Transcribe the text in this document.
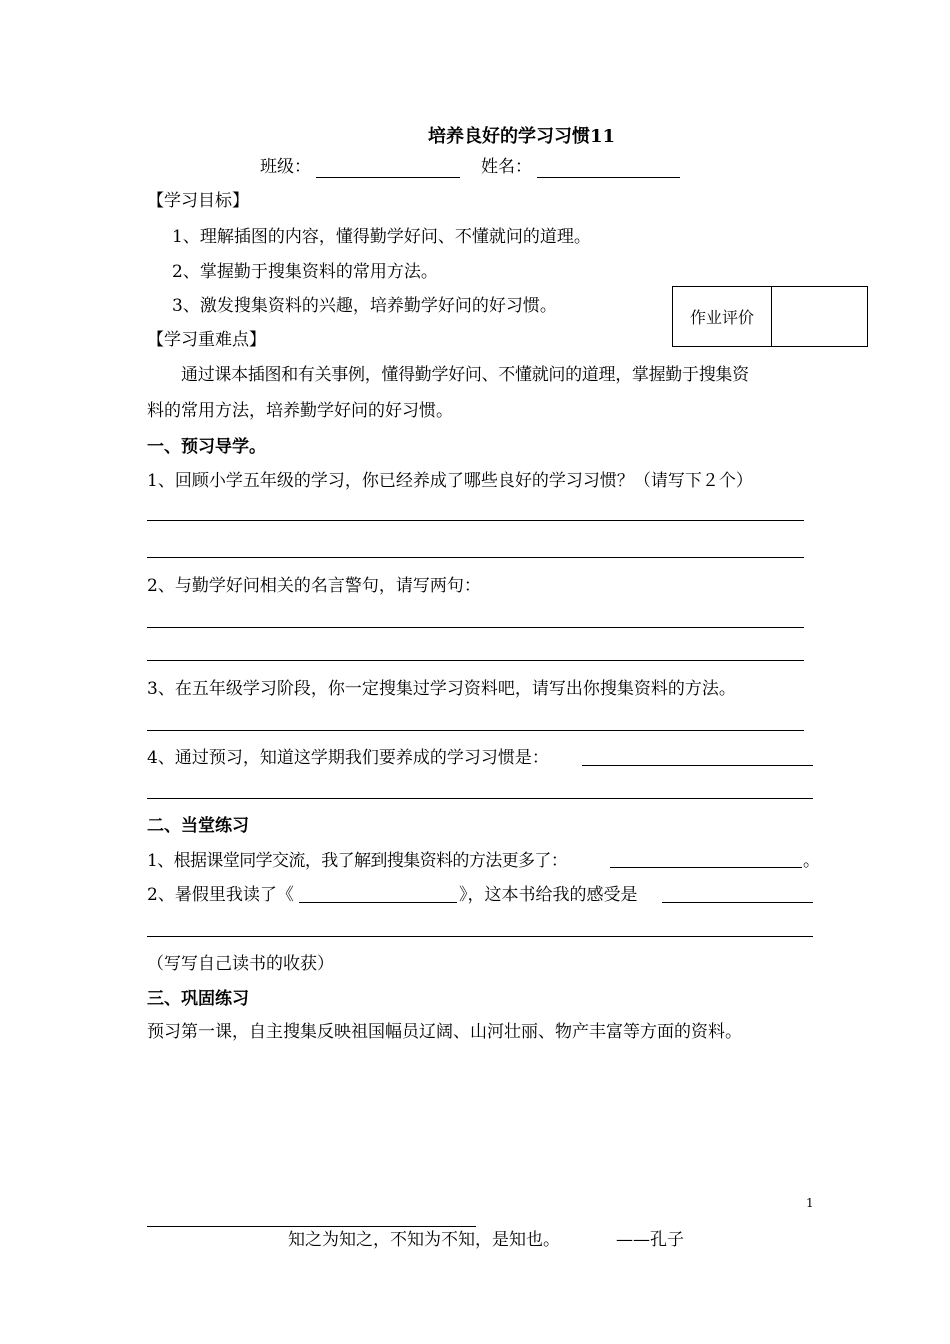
培养良好的学习习惯11
班级：	姓名：
【学习目标】
1、理解插图的内容，懂得勤学好问、不懂就问的道理。
2、掌握勤于搜集资料的常用方法。
3、激发搜集资料的兴趣，培养勤学好问的好习惯。
作业评价
【学习重难点】
通过课本插图和有关事例，懂得勤学好问、不懂就问的道理，掌握勤于搜集资
料的常用方法，培养勤学好问的好习惯。
一、预习导学。
1、回顾小学五年级的学习，你已经养成了哪些良好的学习习惯？（请写下２个）
2、与勤学好问相关的名言警句，请写两句：
3、在五年级学习阶段，你一定搜集过学习资料吧，请写出你搜集资料的方法。
4、通过预习，知道这学期我们要养成的学习习惯是：
二、当堂练习
1、根据课堂同学交流，我了解到搜集资料的方法更多了：	。
2、暑假里我读了《	》，这本书给我的感受是
（写写自己读书的收获）
三、巩固练习
预习第一课，自主搜集反映祖国幅员辽阔、山河壮丽、物产丰富等方面的资料。
1
知之为知之，不知为不知，是知也。	——孔子
